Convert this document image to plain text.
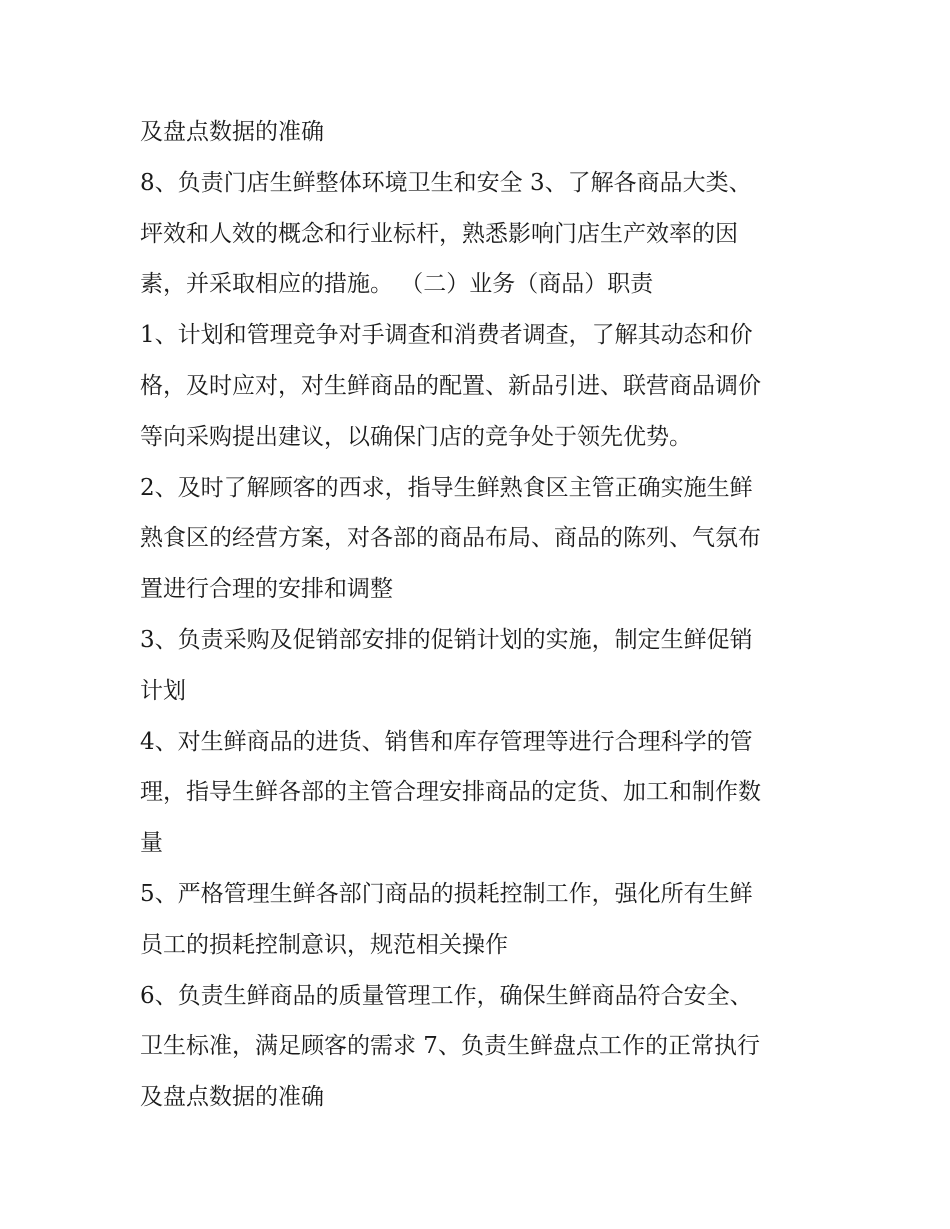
及盘点数据的准确
8、负责门店生鲜整体环境卫生和安全 3、了解各商品大类、
坪效和人效的概念和行业标杆，熟悉影响门店生产效率的因
素，并采取相应的措施。 （二）业务（商品）职责
1、计划和管理竞争对手调查和消费者调查，了解其动态和价
格，及时应对，对生鲜商品的配置、新品引进、联营商品调价
等向采购提出建议，以确保门店的竞争处于领先优势。
2、及时了解顾客的西求，指导生鲜熟食区主管正确实施生鲜
熟食区的经营方案，对各部的商品布局、商品的陈列、气氛布
置进行合理的安排和调整
3、负责采购及促销部安排的促销计划的实施，制定生鲜促销
计划
4、对生鲜商品的进货、销售和库存管理等进行合理科学的管
理，指导生鲜各部的主管合理安排商品的定货、加工和制作数
量
5、严格管理生鲜各部门商品的损耗控制工作，强化所有生鲜
员工的损耗控制意识，规范相关操作
6、负责生鲜商品的质量管理工作，确保生鲜商品符合安全、
卫生标准，满足顾客的需求 7、负责生鲜盘点工作的正常执行
及盘点数据的准确
